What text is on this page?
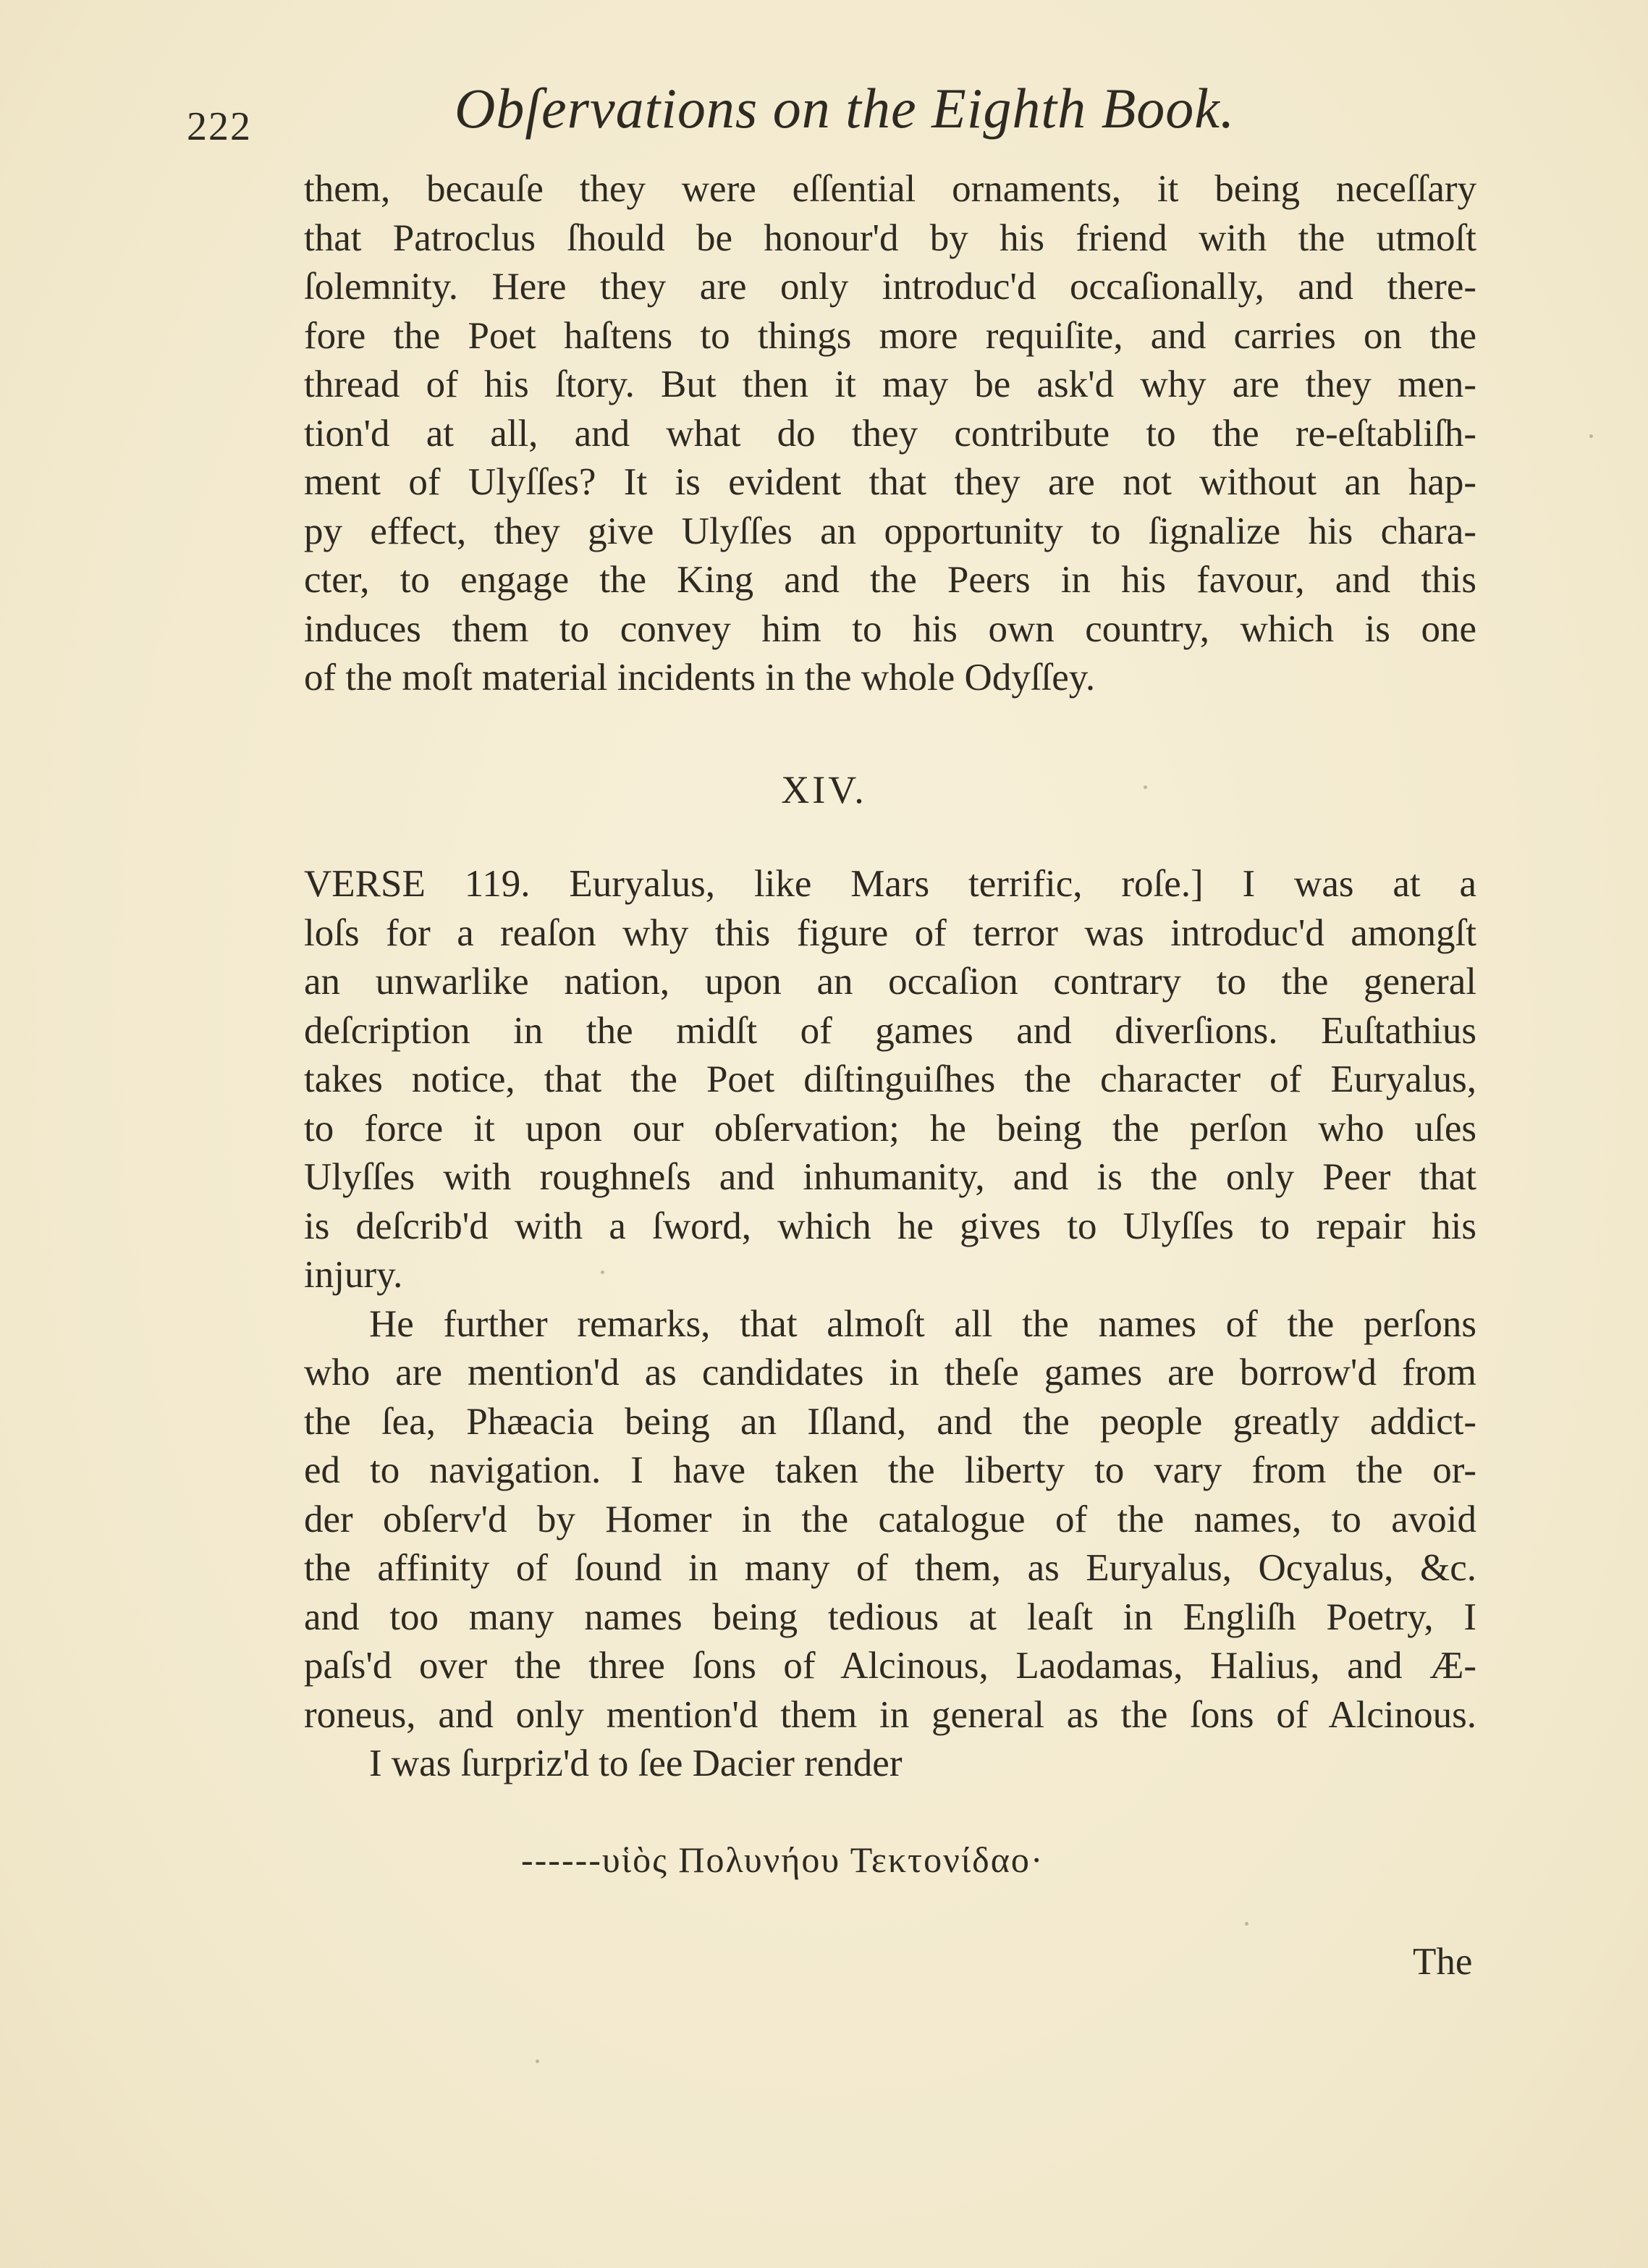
222	Obſervations on the Eighth Book.
them, becauſe they were eſſential ornaments, it being neceſſary
that Patroclus ſhould be honour'd by his friend with the utmoſt
ſolemnity. Here they are only introduc'd occaſionally, and there-
fore the Poet haſtens to things more requiſite, and carries on the
thread of his ſtory. But then it may be ask'd why are they men-
tion'd at all, and what do they contribute to the re-eſtabliſh-
ment of Ulyſſes? It is evident that they are not without an hap-
py effect, they give Ulyſſes an opportunity to ſignalize his chara-
cter, to engage the King and the Peers in his favour, and this
induces them to convey him to his own country, which is one
of the moſt material incidents in the whole Odyſſey.
XIV.
VERSE 119. Euryalus, like Mars terrific, roſe.] I was at a
loſs for a reaſon why this figure of terror was introduc'd amongſt
an unwarlike nation, upon an occaſion contrary to the general
deſcription in the midſt of games and diverſions. Euſtathius
takes notice, that the Poet diſtinguiſhes the character of Euryalus,
to force it upon our obſervation; he being the perſon who uſes
Ulyſſes with roughneſs and inhumanity, and is the only Peer that
is deſcrib'd with a ſword, which he gives to Ulyſſes to repair his
injury.
He further remarks, that almoſt all the names of the perſons
who are mention'd as candidates in theſe games are borrow'd from
the ſea, Phæacia being an Iſland, and the people greatly addict-
ed to navigation. I have taken the liberty to vary from the or-
der obſerv'd by Homer in the catalogue of the names, to avoid
the affinity of ſound in many of them, as Euryalus, Ocyalus, &c.
and too many names being tedious at leaſt in Engliſh Poetry, I
paſs'd over the three ſons of Alcinous, Laodamas, Halius, and Æ-
roneus, and only mention'd them in general as the ſons of Alcinous.
I was ſurpriz'd to ſee Dacier render
------υἱὸς Πολυνήου Τεκτονίδαο·
The
